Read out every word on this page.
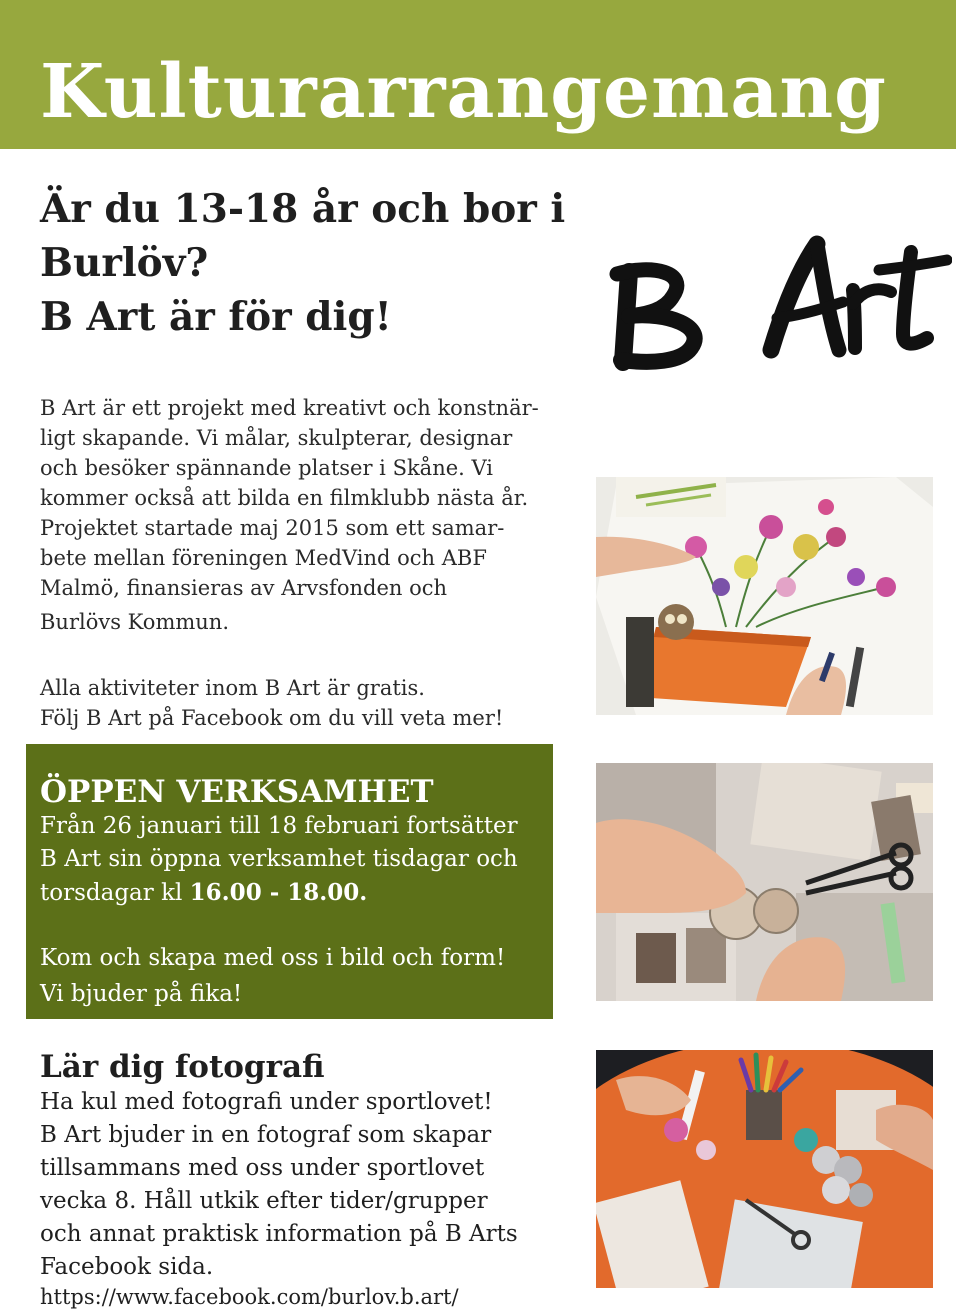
Kulturarrangemang
Är du 13-18 år och bor i
Burlöv?
B Art är för dig!
B Art är ett projekt med kreativt och konstnär-
ligt skapande. Vi målar, skulpterar, designar
och besöker spännande platser i Skåne. Vi
kommer också att bilda en filmklubb nästa år.
Projektet startade maj 2015 som ett samar-
bete mellan föreningen MedVind och ABF
Malmö, finansieras av Arvsfonden och
Burlövs Kommun.
Alla aktiviteter inom B Art är gratis.
Följ B Art på Facebook om du vill veta mer!
ÖPPEN VERKSAMHET
Från 26 januari till 18 februari fortsätter
B Art sin öppna verksamhet tisdagar och
torsdagar kl 16.00 - 18.00.
Kom och skapa med oss i bild och form!
Vi bjuder på fika!
Lär dig fotografi
Ha kul med fotografi under sportlovet!
B Art bjuder in en fotograf som skapar
tillsammans med oss under sportlovet
vecka 8. Håll utkik efter tider/grupper
och annat praktisk information på B Arts
Facebook sida.
https://www.facebook.com/burlov.b.art/
